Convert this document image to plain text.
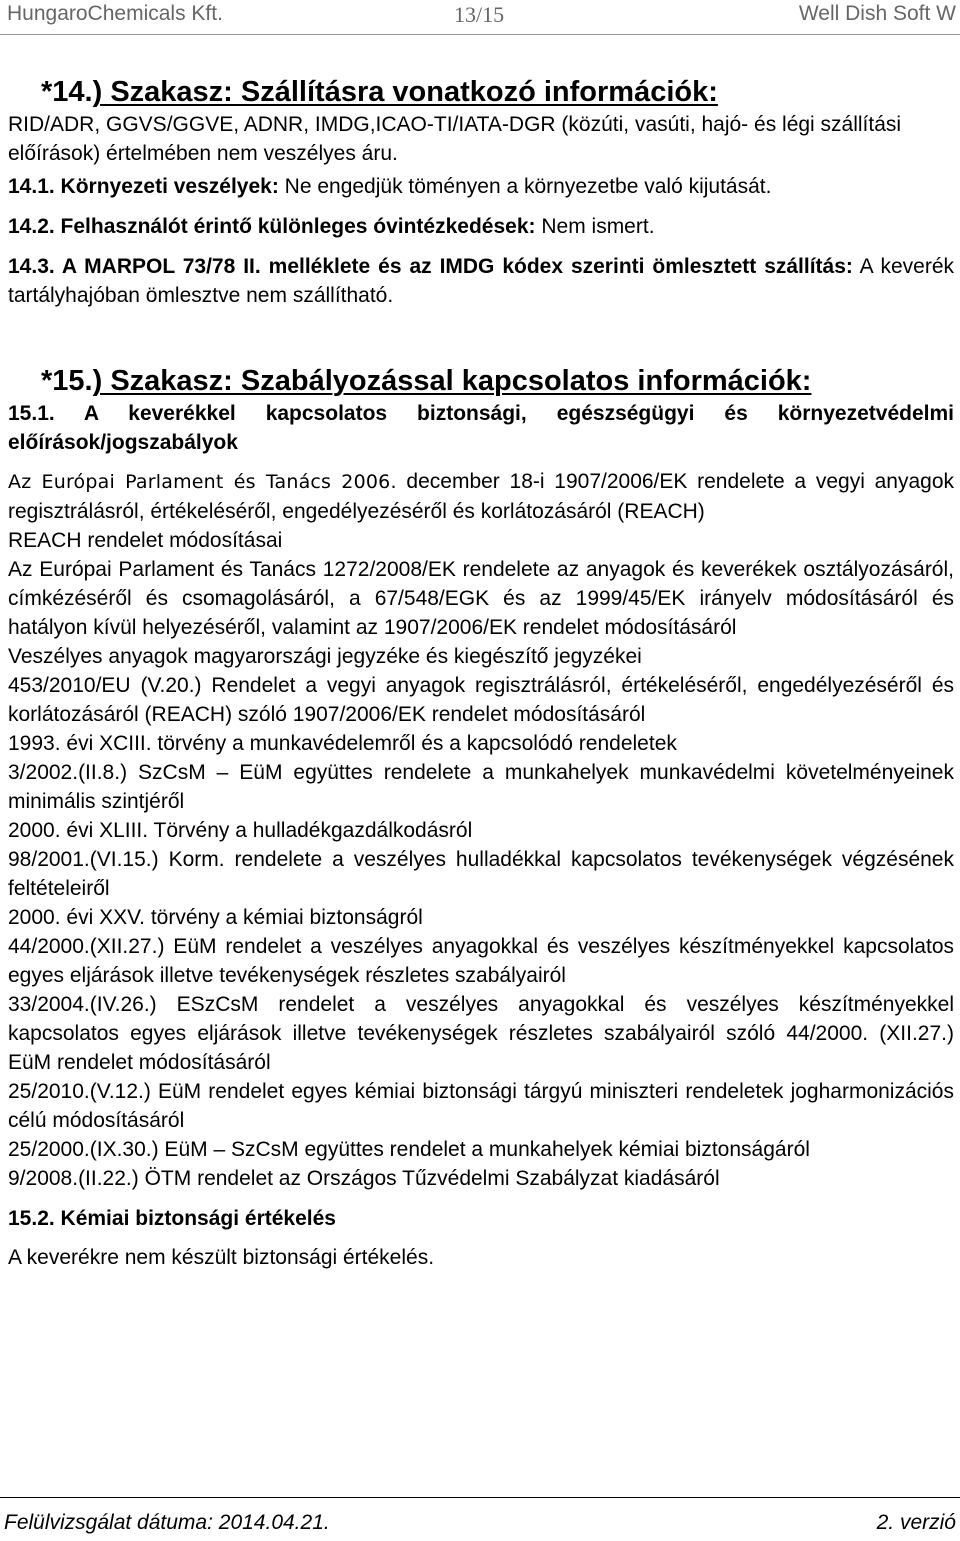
HungaroChemicals Kft.	13/15	Well Dish Soft W
*14.) Szakasz: Szállításra vonatkozó információk:

RID/ADR, GGVS/GGVE, ADNR, IMDG,ICAO-TI/IATA-DGR (közúti, vasúti, hajó- és légi szállítási előírások) értelmében nem veszélyes áru.

14.1. Környezeti veszélyek: Ne engedjük töményen a környezetbe való kijutását.

14.2. Felhasználót érintő különleges óvintézkedések: Nem ismert.

14.3. A MARPOL 73/78 II. melléklete és az IMDG kódex szerinti ömlesztett szállítás: A keverék tartályhajóban ömlesztve nem szállítható.

*15.) Szakasz: Szabályozással kapcsolatos információk:

15.1. A keverékkel kapcsolatos biztonsági, egészségügyi és környezetvédelmi előírások/jogszabályok

Az Európai Parlament és Tanács 2006. december 18-i 1907/2006/EK rendelete a vegyi anyagok regisztrálásról, értékeléséről, engedélyezéséről és korlátozásáról (REACH)

REACH rendelet módosításai

Az Európai Parlament és Tanács 1272/2008/EK rendelete az anyagok és keverékek osztályozásáról, címkézéséről és csomagolásáról, a 67/548/EGK és az 1999/45/EK irányelv módosításáról és hatályon kívül helyezéséről, valamint az 1907/2006/EK rendelet módosításáról

Veszélyes anyagok magyarországi jegyzéke és kiegészítő jegyzékei

453/2010/EU (V.20.) Rendelet a vegyi anyagok regisztrálásról, értékeléséről, engedélyezéséről és korlátozásáról (REACH) szóló 1907/2006/EK rendelet módosításáról

1993. évi XCIII. törvény a munkavédelemről és a kapcsolódó rendeletek

3/2002.(II.8.) SzCsM – EüM együttes rendelete a munkahelyek munkavédelmi követelményeinek minimális szintjéről

2000. évi XLIII. Törvény a hulladékgazdálkodásról

98/2001.(VI.15.) Korm. rendelete a veszélyes hulladékkal kapcsolatos tevékenységek végzésének feltételeiről

2000. évi XXV. törvény a kémiai biztonságról

44/2000.(XII.27.) EüM rendelet a veszélyes anyagokkal és veszélyes készítményekkel kapcsolatos egyes eljárások illetve tevékenységek részletes szabályairól

33/2004.(IV.26.) ESzCsM rendelet a veszélyes anyagokkal és veszélyes készítményekkel kapcsolatos egyes eljárások illetve tevékenységek részletes szabályairól szóló 44/2000. (XII.27.) EüM rendelet módosításáról

25/2010.(V.12.) EüM rendelet egyes kémiai biztonsági tárgyú miniszteri rendeletek jogharmonizációs célú módosításáról

25/2000.(IX.30.) EüM – SzCsM együttes rendelet a munkahelyek kémiai biztonságáról

9/2008.(II.22.) ÖTM rendelet az Országos Tűzvédelmi Szabályzat kiadásáról

15.2. Kémiai biztonsági értékelés

A keverékre nem készült biztonsági értékelés.

Felülvizsgálat dátuma: 2014.04.21.	2. verzió
